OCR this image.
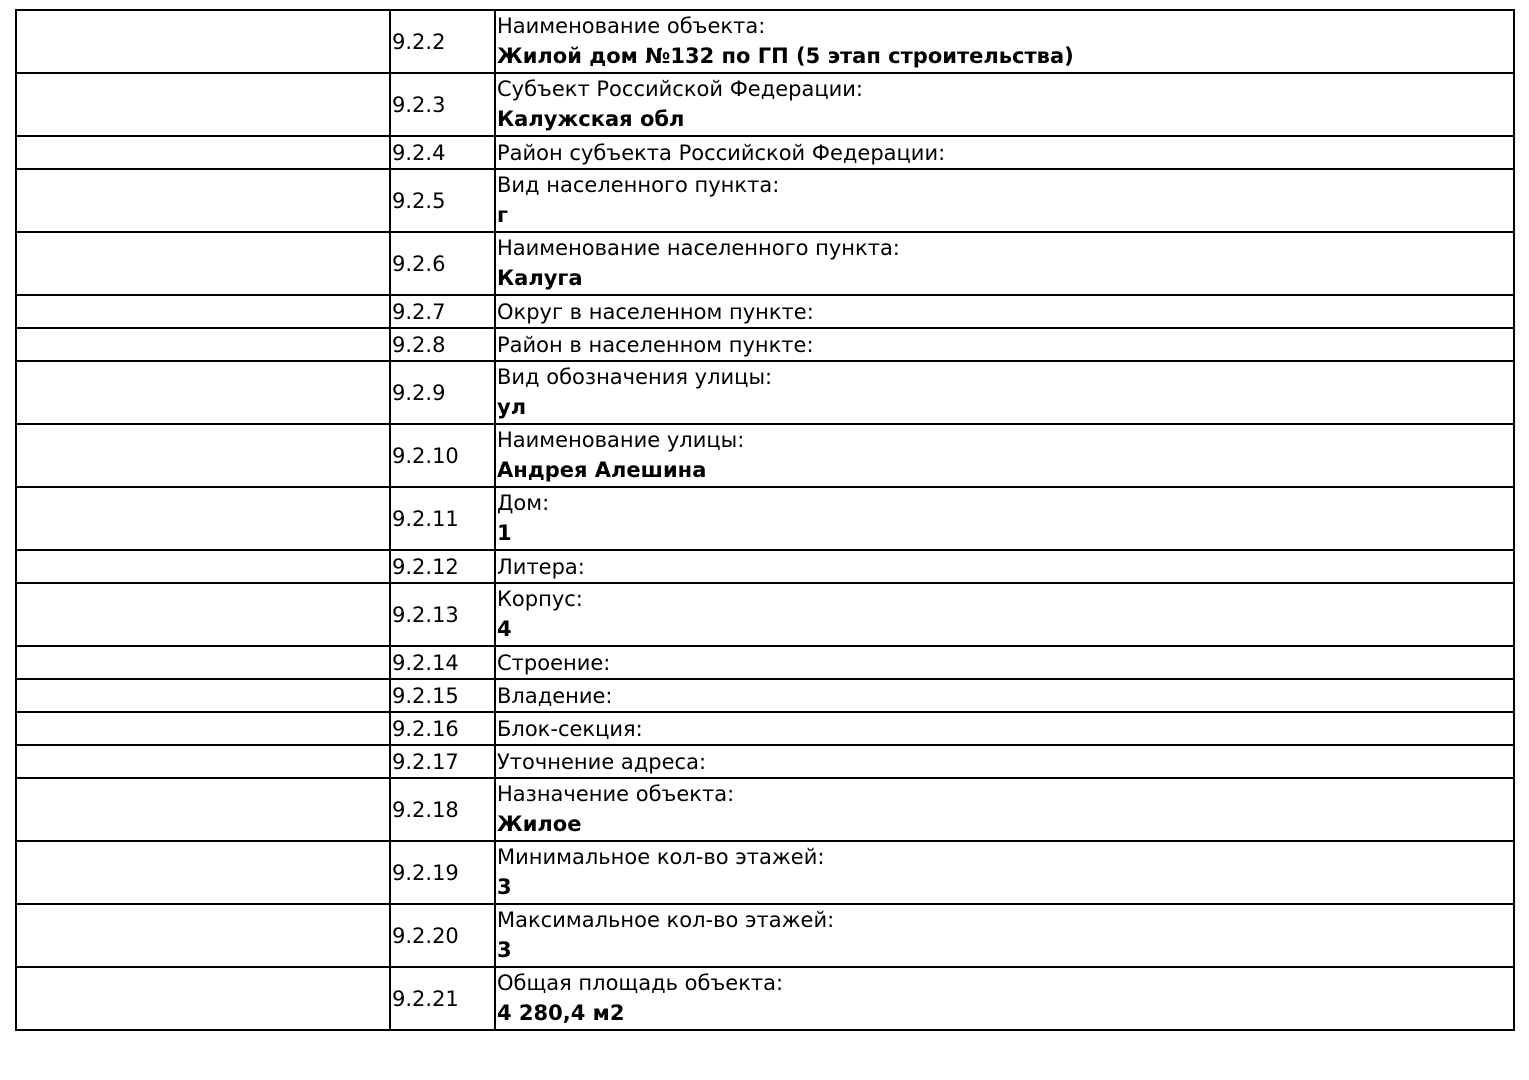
	9.2.2	Наименование объекта:
Жилой дом №132 по ГП (5 этап строительства)

	9.2.3	Субъект Российской Федерации:
Калужская обл

	9.2.4	Район субъекта Российской Федерации:

	9.2.5	Вид населенного пункта:
г

	9.2.6	Наименование населенного пункта:
Калуга

	9.2.7	Округ в населенном пункте:

	9.2.8	Район в населенном пункте:

	9.2.9	Вид обозначения улицы:
ул

	9.2.10	Наименование улицы:
Андрея Алешина

	9.2.11	Дом:
1

	9.2.12	Литера:

	9.2.13	Корпус:
4

	9.2.14	Строение:

	9.2.15	Владение:

	9.2.16	Блок-секция:

	9.2.17	Уточнение адреса:

	9.2.18	Назначение объекта:
Жилое

	9.2.19	Минимальное кол-во этажей:
3

	9.2.20	Максимальное кол-во этажей:
3

	9.2.21	Общая площадь объекта:
4 280,4 м2
